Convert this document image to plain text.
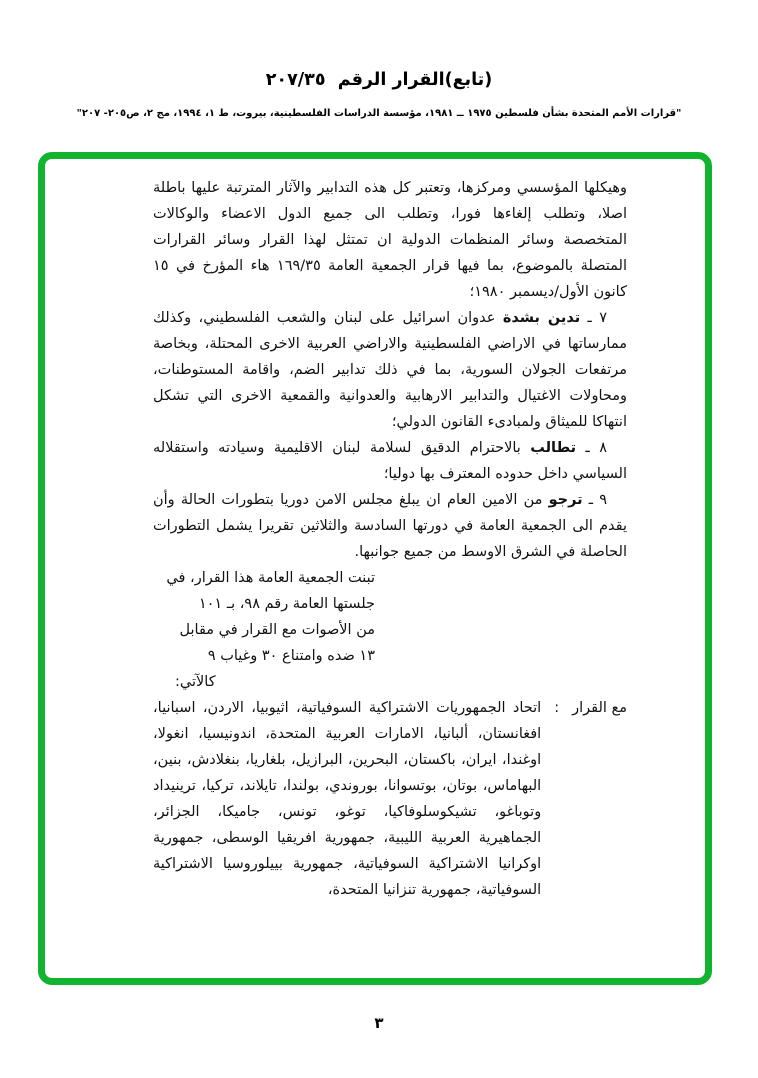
(تابع)القرار الرقم  ٢٠٧/٣٥
"قرارات الأمم المتحدة بشأن فلسطين ١٩٧٥ ــ ١٩٨١، مؤسسة الدراسات الفلسطينية، بيروت، ط ١، ١٩٩٤، مج ٢، ص٢٠٥- ٢٠٧"

وهيكلها المؤسسي ومركزها، وتعتبر كل هذه التدابير والآثار المترتبة عليها باطلة اصلا، وتطلب إلغاءها فورا، وتطلب الى جميع الدول الاعضاء والوكالات المتخصصة وسائر المنظمات الدولية ان تمتثل لهذا القرار وسائر القرارات المتصلة بالموضوع، بما فيها قرار الجمعية العامة ١٦٩/٣٥ هاء المؤرخ في ١٥ كانون الأول/ديسمبر ١٩٨٠؛

٧ ـ تدين بشدة عدوان اسرائيل على لبنان والشعب الفلسطيني، وكذلك ممارساتها في الاراضي الفلسطينية والاراضي العربية الاخرى المحتلة، وبخاصة مرتفعات الجولان السورية، بما في ذلك تدابير الضم، واقامة المستوطنات، ومحاولات الاغتيال والتدابير الارهابية والعدوانية والقمعية الاخرى التي تشكل انتهاكا للميثاق ولمبادىء القانون الدولي؛

٨ ـ تطالب بالاحترام الدقيق لسلامة لبنان الاقليمية وسيادته واستقلاله السياسي داخل حدوده المعترف بها دوليا؛

٩ ـ ترجو من الامين العام ان يبلغ مجلس الامن دوريا بتطورات الحالة وأن يقدم الى الجمعية العامة في دورتها السادسة والثلاثين تقريرا يشمل التطورات الحاصلة في الشرق الاوسط من جميع جوانبها.

تبنت الجمعية العامة هذا القرار، في
جلستها العامة رقم ٩٨، بـ ١٠١
من الأصوات مع القرار في مقابل
١٣ ضده وامتناع ٣٠ وغياب ٩
كالآتي:
مع القرار
:
اتحاد الجمهوريات الاشتراكية السوفياتية، اثيوبيا، الاردن، اسبانيا، افغانستان، ألبانيا، الامارات العربية المتحدة، اندونيسيا، انغولا، اوغندا، ايران، باكستان، البحرين، البرازيل، بلغاريا، بنغلادش، بنين، البهاماس، بوتان، بوتسوانا، بوروندي، بولندا، تايلاند، تركيا، ترينيداد وتوباغو، تشيكوسلوفاكيا، توغو، تونس، جاميكا، الجزائر، الجماهيرية العربية الليبية، جمهورية افريقيا الوسطى، جمهورية اوكرانيا الاشتراكية السوفياتية، جمهورية بييلوروسيا الاشتراكية السوفياتية، جمهورية تنزانيا المتحدة،
٣
